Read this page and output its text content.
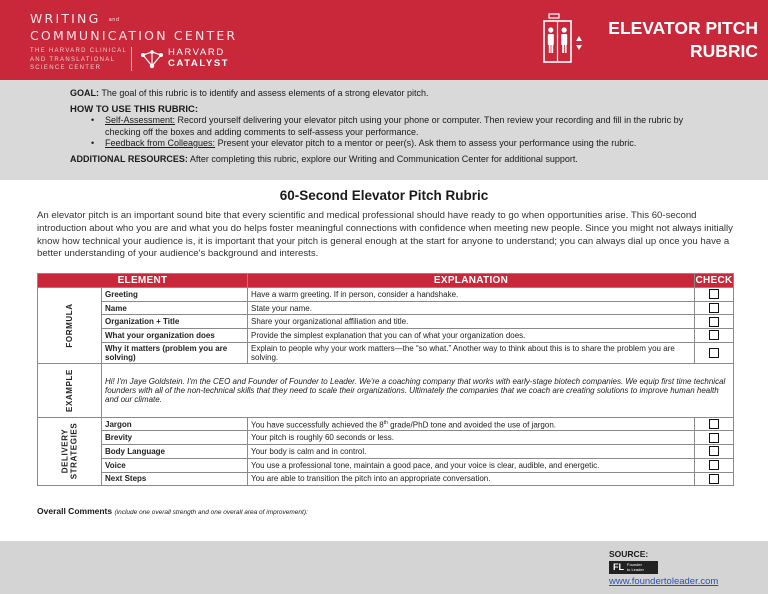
WRITING and
COMMUNICATION CENTER
THE HARVARD CLINICAL
AND TRANSLATIONAL
SCIENCE CENTER
HARVARD
CATALYST
ELEVATOR PITCH
RUBRIC
GOAL: The goal of this rubric is to identify and assess elements of a strong elevator pitch.
HOW TO USE THIS RUBRIC:
• Self-Assessment: Record yourself delivering your elevator pitch using your phone or computer. Then review your recording and fill in the rubric by checking off the boxes and adding comments to self-assess your performance.
• Feedback from Colleagues: Present your elevator pitch to a mentor or peer(s). Ask them to assess your performance using the rubric.
ADDITIONAL RESOURCES: After completing this rubric, explore our Writing and Communication Center for additional support.
60-Second Elevator Pitch Rubric
An elevator pitch is an important sound bite that every scientific and medical professional should have ready to go when opportunities arise. This 60-second introduction about who you are and what you do helps foster meaningful connections with confidence when meeting new people. Since you might not always initially know how technical your audience is, it is important that your pitch is general enough at the start for anyone to understand; you can always dial up once you have a better understanding of your audience's background and interests.
ELEMENT		EXPLANATION	CHECK

FORMULA	Greeting	Have a warm greeting. If in person, consider a handshake.	
	Name	State your name.	
	Organization + Title	Share your organizational affiliation and title.	
	What your organization does	Provide the simplest explanation that you can of what your organization does.	
	Why it matters (problem you are solving)	Explain to people why your work matters—the “so what.” Another way to think about this is to share the problem you are solving.	

EXAMPLE	Hi! I'm Jaye Goldstein. I'm the CEO and Founder of Founder to Leader. We're a coaching company that works with early-stage biotech companies. We equip first time technical founders with all of the non-technical skills that they need to scale their organizations. Ultimately the companies that we coach are creating solutions to improve human health and our climate.		

DELIVERY
STRATEGIES	Jargon	You have successfully achieved the 8th grade/PhD tone and avoided the use of jargon.	
	Brevity	Your pitch is roughly 60 seconds or less.	
	Body Language	Your body is calm and in control.	
	Voice	You use a professional tone, maintain a good pace, and your voice is clear, audible, and energetic.	
	Next Steps	You are able to transition the pitch into an appropriate conversation.	
Overall Comments (include one overall strength and one overall area of improvement):
SOURCE:
FL Founder
to Leader
www.foundertoleader.com
